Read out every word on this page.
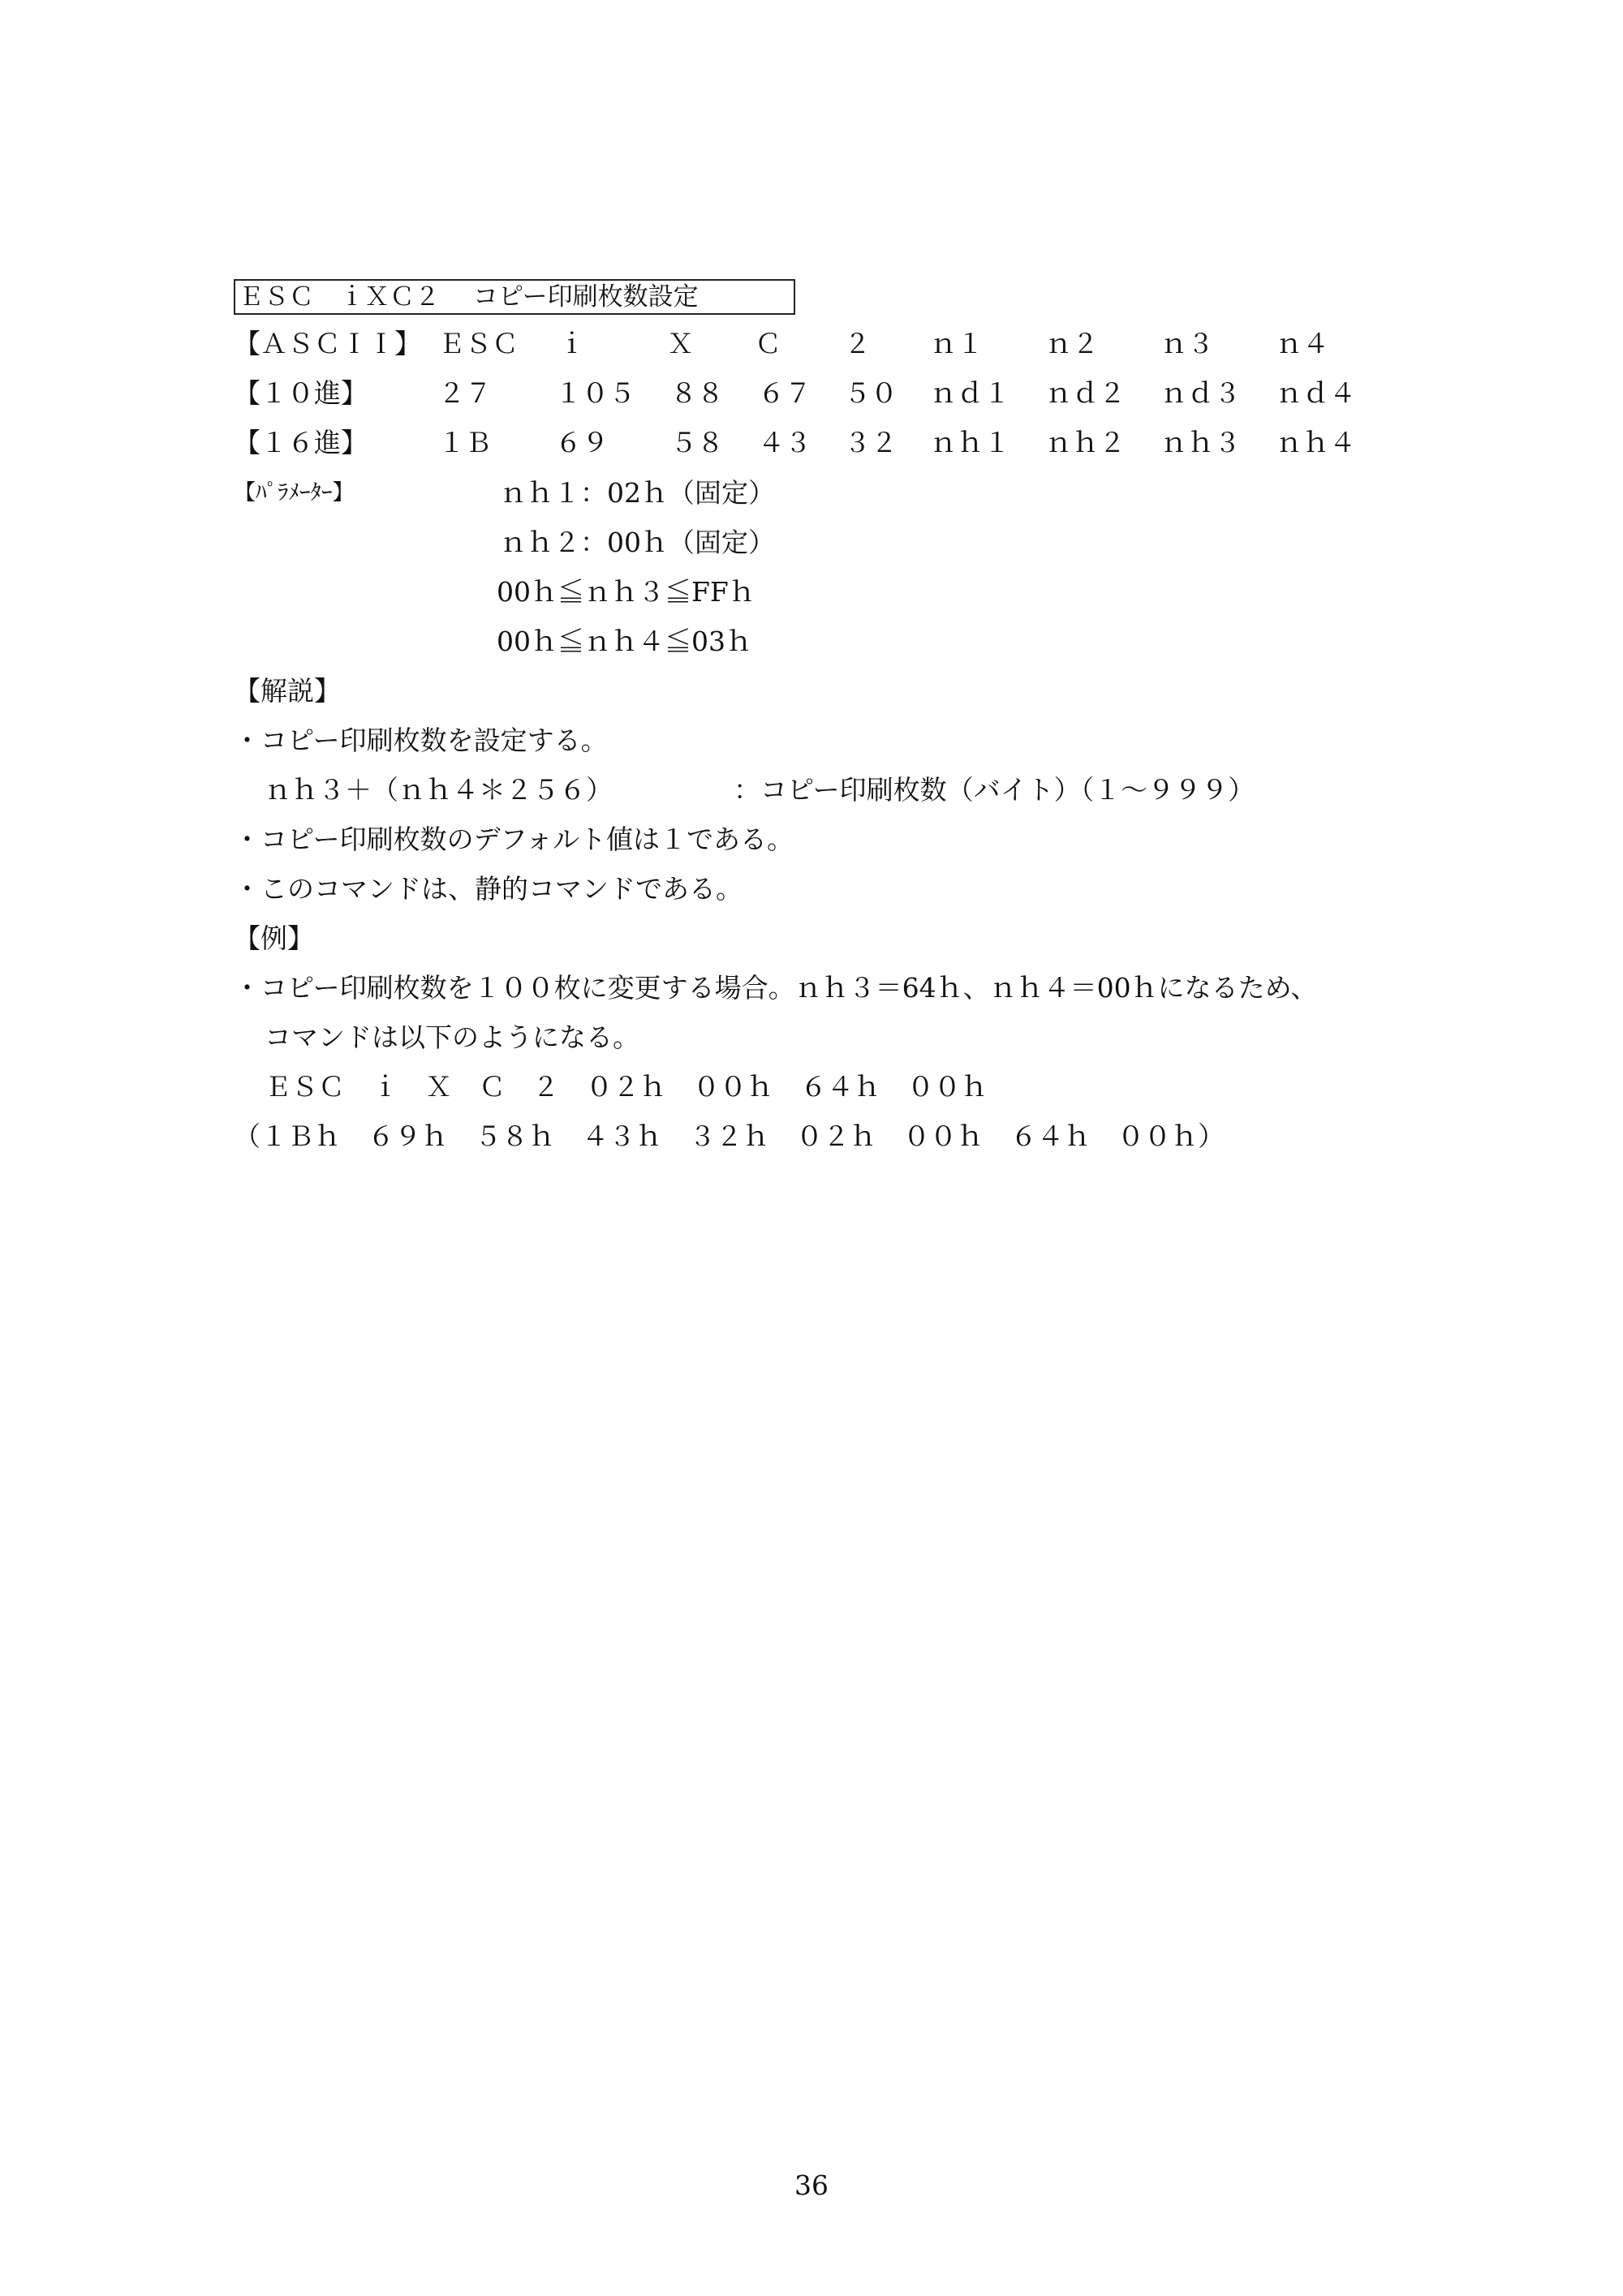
ＥＳＣ　ｉＸＣ２　 コピー印刷枚数設定
【ＡＳＣＩＩ】 ＥＳＣ ｉ	Ｘ Ｃ ２ ｎ１ ｎ２ ｎ３ ｎ４
【１０進】	２７ １０５ ８８ ６７ ５０ ｎｄ１ ｎｄ２ ｎｄ３ ｎｄ４
【１６進】	１Ｂ ６９ ５８ ４３ ３２ ｎｈ１ ｎｈ２ ｎｈ３ ｎｈ４
【ﾊﾟﾗﾒｰﾀｰ】	ｎｈ１：02ｈ（固定）
ｎｈ２：00ｈ（固定）
00ｈ≦ｎｈ３≦FFｈ
00ｈ≦ｎｈ４≦03ｈ
【解説】
・コピー印刷枚数を設定する。
ｎｈ３＋（ｎｈ４＊２５６）	：コピー印刷枚数（バイト）（１～９９９）
・コピー印刷枚数のデフォルト値は１である。
・このコマンドは、静的コマンドである。
【例】
・コピー印刷枚数を１００枚に変更する場合。ｎｈ３＝64ｈ、ｎｈ４＝00ｈになるため、
コマンドは以下のようになる。
ＥＳＣ　ｉ　Ｘ　Ｃ　２　０２ｈ　００ｈ　６４ｈ　００ｈ
（１Ｂｈ　６９ｈ　５８ｈ　４３ｈ　３２ｈ　０２ｈ　００ｈ　６４ｈ　００ｈ）
36
